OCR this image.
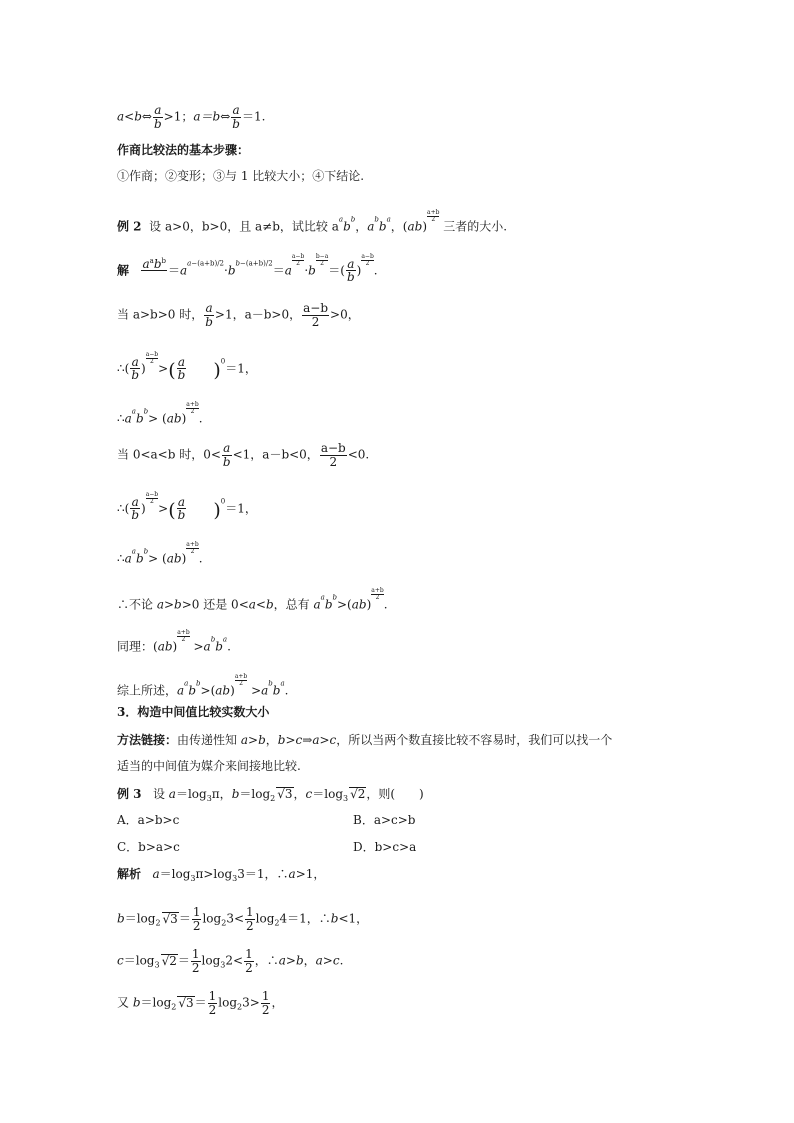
a<b⇔ $\frac{a}{b} >1$；a＝b⇔ $\frac{a}{b} =1$.
作商比较法的基本步骤：
①作商；②变形；③与 1 比较大小；④下结论.
例 2 设 a>0，b>0，且 a≠b，试比较 $a^ab^b$，$a^bb^a$，(ab)
$\frac{a+b}{2}$
三者的大小.
解 $a^ab^b$

$=a^{a-(a+b)/2}\cdot b^{b-(a+b)/2}=a$
$\frac{a-b}{2}$
·b
$\frac{b-a}{2}$
＝( $\frac{a}{b}$ )
$\frac{a-b}{2}$
.
当 a>b>0 时， $\frac{a}{b} >1$，a－b>0， $\frac{a-b}{2} >0$，
∴( $\frac{a}{b}$ )
$\frac{a-b}{2}$
>( $\frac{a}{b} )^0=1$，
$\therefore a^ab^b> (ab)$
$\frac{a+b}{2}$
.
当 0<a<b 时，$0< \frac{a}{b} <1$，a－b<0， $\frac{a-b}{2} <0$.
∴( $\frac{a}{b}$ )
$\frac{a-b}{2}$
>( $\frac{a}{b} )^0=1$，
$\therefore a^ab^b> (ab)$
$\frac{a+b}{2}$
.
∴不论 a>b>0 还是 0<a<b，总有 $a^ab^b>(ab)$
$\frac{a+b}{2}$
.
同理：(ab)
$\frac{a+b}{2}$
$>a^bb^a$.
综上所述，$a^ab^b>(ab)$
$\frac{a+b}{2}$
$>a^bb^a$.
3．构造中间值比较实数大小
方法链接：由传递性知 a>b，b>c⇒a>c，所以当两个数直接比较不容易时，我们可以找一个
适当的中间值为媒介来间接地比较.
例 3   设 $a=\log_3\pi$，$b=\log_2$ √3，$c=\log_3$ √2，则(　　)
A．a>b>c	B．a>c>b
C．b>a>c	D．b>c>a
解析 $a=\log_3\pi>\log_33=1$，∴a>1，
$b=\log_2$ $√3= \frac{1}{2} \log_23< \frac{1}{2} \log_24=1$，∴b<1，
$c=\log_3$ $√2= \frac{1}{2} \log_32< \frac{1}{2}$ ，∴a>b，a>c.
又 $b=\log_2$ $√3= \frac{1}{2} \log_23> \frac{1}{2}$ ，
